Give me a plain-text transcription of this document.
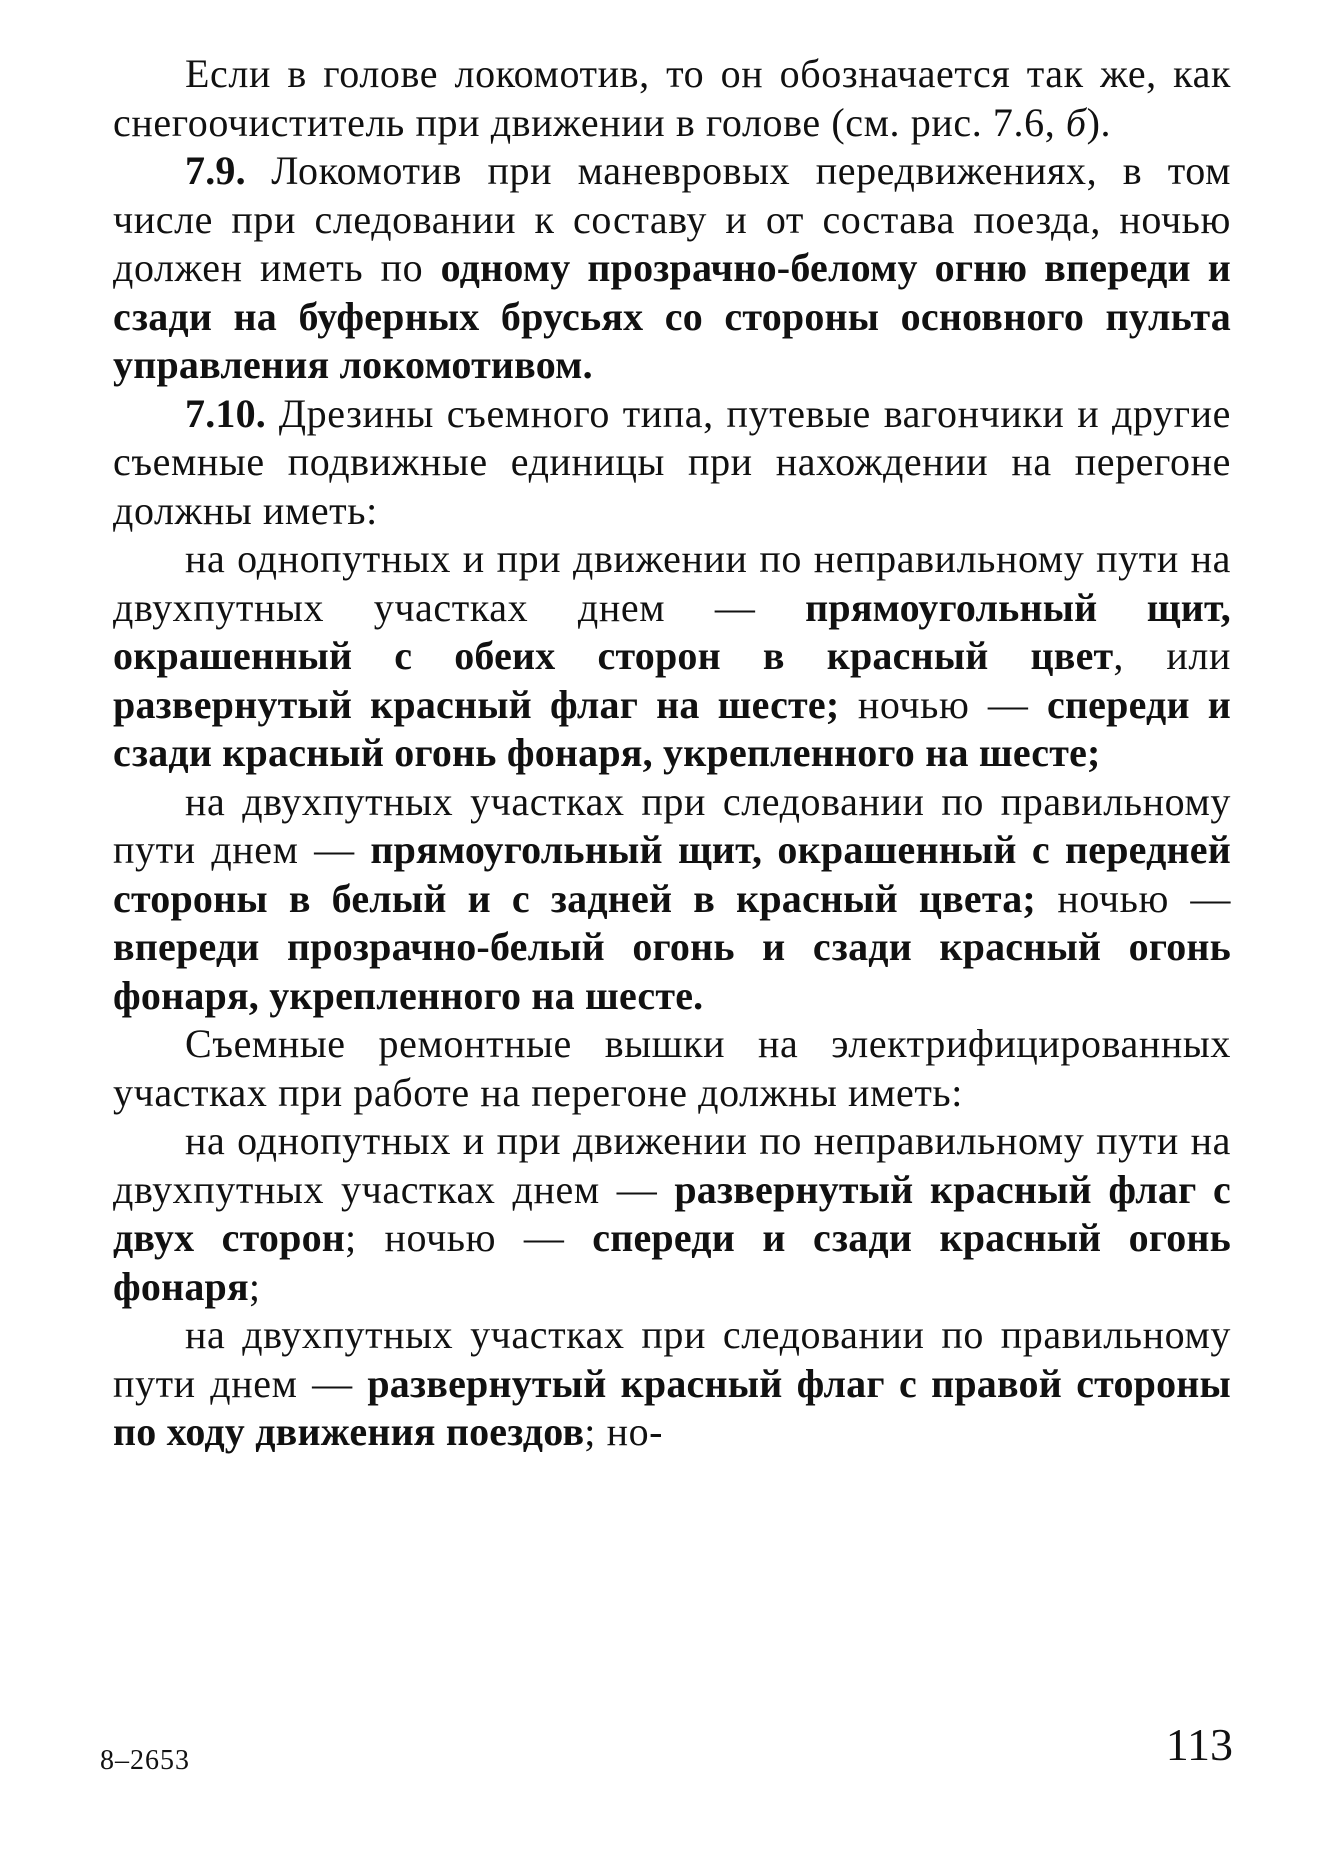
Если в голове локомотив, то он обозначается так же, как снегоочиститель при движении в голове (см. рис. 7.6, б).

7.9. Локомотив при маневровых передвижениях, в том числе при следовании к составу и от состава поезда, ночью должен иметь по одному прозрачно-белому огню впереди и сзади на буферных брусьях со стороны основного пульта управления локомотивом.

7.10. Дрезины съемного типа, путевые вагончики и другие съемные подвижные единицы при нахождении на перегоне должны иметь:

на однопутных и при движении по неправильному пути на двухпутных участках днем — прямоугольный щит, окрашенный с обеих сторон в красный цвет, или развернутый красный флаг на шесте; ночью — спереди и сзади красный огонь фонаря, укрепленного на шесте;

на двухпутных участках при следовании по правильному пути днем — прямоугольный щит, окрашенный с передней стороны в белый и с задней в красный цвета; ночью — впереди прозрачно-белый огонь и сзади красный огонь фонаря, укрепленного на шесте.

Съемные ремонтные вышки на электрифицированных участках при работе на перегоне должны иметь:

на однопутных и при движении по неправильному пути на двухпутных участках днем — развернутый красный флаг с двух сторон; ночью — спереди и сзади красный огонь фонаря;

на двухпутных участках при следовании по правильному пути днем — развернутый красный флаг с правой стороны по ходу движения поездов; но-

8–2653	113
